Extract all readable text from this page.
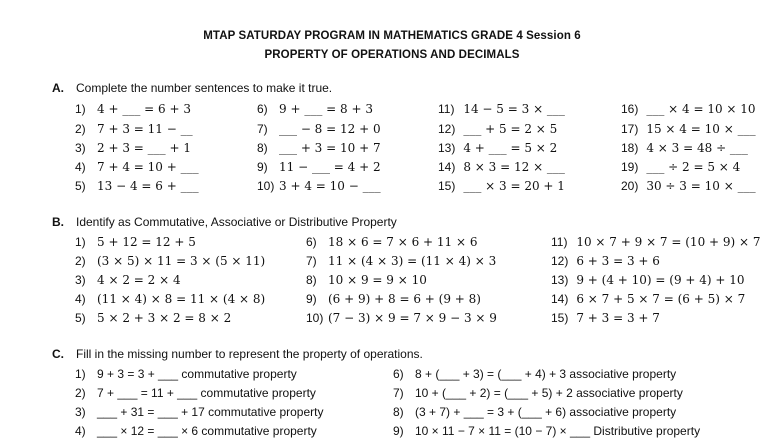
MTAP SATURDAY PROGRAM IN MATHEMATICS GRADE 4 Session 6
PROPERTY OF OPERATIONS AND DECIMALS
A. Complete the number sentences to make it true.
1) 4 + ___ = 6 + 3
2) 7 + 3 = 11 − __
3) 2 + 3 = ___ + 1
4) 7 + 4 = 10 + ___
5) 13 − 4 = 6 + ___
6) 9 + ___ = 8 + 3
7) ___ − 8 = 12 + 0
8) ___ + 3 = 10 + 7
9) 11 − ___ = 4 + 2
10) 3 + 4 = 10 − ___
11) 14 − 5 = 3 × ___
12) ___ + 5 = 2 × 5
13) 4 + ___ = 5 × 2
14) 8 × 3 = 12 × ___
15) ___ × 3 = 20 + 1
16) ___ × 4 = 10 × 10
17) 15 × 4 = 10 × ___
18) 4 × 3 = 48 ÷ ___
19) ___ ÷ 2 = 5 × 4
20) 30 ÷ 3 = 10 × ___
B. Identify as Commutative, Associative or Distributive Property
1) 5 + 12 = 12 + 5
2) (3 × 5) × 11 = 3 × (5 × 11)
3) 4 × 2 = 2 × 4
4) (11 × 4) × 8 = 11 × (4 × 8)
5) 5 × 2 + 3 × 2 = 8 × 2
6) 18 × 6 = 7 × 6 + 11 × 6
7) 11 × (4 × 3) = (11 × 4) × 3
8) 10 × 9 = 9 × 10
9) (6 + 9) + 8 = 6 + (9 + 8)
10) (7 − 3) × 9 = 7 × 9 − 3 × 9
11) 10 × 7 + 9 × 7 = (10 + 9) × 7
12) 6 + 3 = 3 + 6
13) 9 + (4 + 10) = (9 + 4) + 10
14) 6 × 7 + 5 × 7 = (6 + 5) × 7
15) 7 + 3 = 3 + 7
C. Fill in the missing number to represent the property of operations.
1) 9 + 3 = 3 + ___ commutative property
2) 7 + ___ = 11 + ___ commutative property
3) ___ + 31 = ___ + 17 commutative property
4) ___ × 12 = ___ × 6 commutative property
6) 8 + (___ + 3) = (___ + 4) + 3 associative property
7) 10 + (___ + 2) = (___ + 5) + 2 associative property
8) (3 + 7) + ___ = 3 + (___ + 6) associative property
9) 10 × 11 − 7 × 11 = (10 − 7) × ___ Distributive property
